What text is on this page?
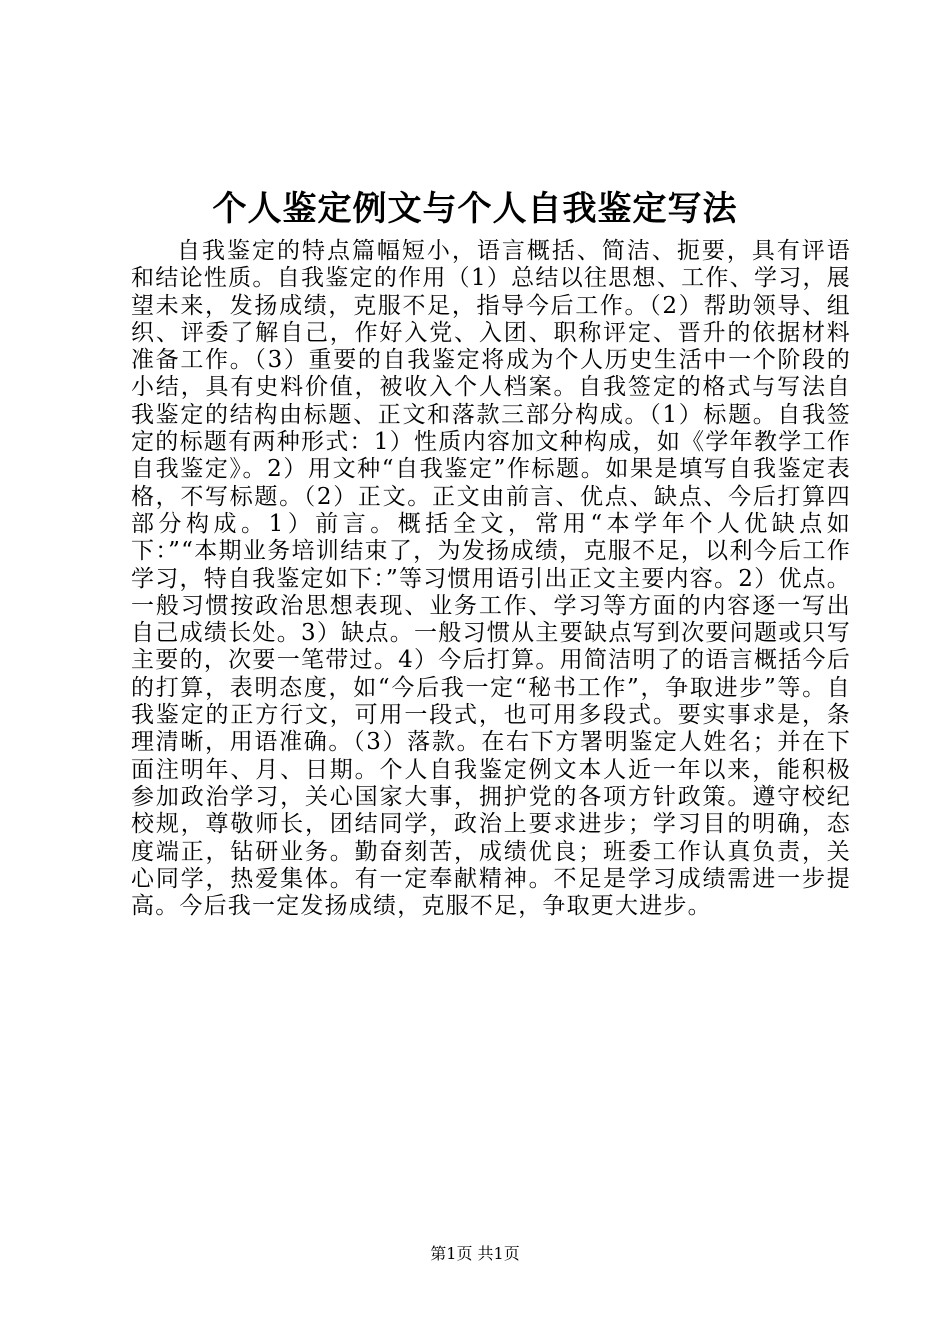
个人鉴定例文与个人自我鉴定写法

自我鉴定的特点篇幅短小，语言概括、简洁、扼要，具有评语和结论性质。自我鉴定的作用（1）总结以往思想、工作、学习，展望未来，发扬成绩，克服不足，指导今后工作。（2）帮助领导、组织、评委了解自己，作好入党、入团、职称评定、晋升的依据材料准备工作。（3）重要的自我鉴定将成为个人历史生活中一个阶段的小结，具有史料价值，被收入个人档案。自我签定的格式与写法自我鉴定的结构由标题、正文和落款三部分构成。（1）标题。自我签定的标题有两种形式：1）性质内容加文种构成，如《学年教学工作自我鉴定》。2）用文种“自我鉴定”作标题。如果是填写自我鉴定表格，不写标题。（2）正文。正文由前言、优点、缺点、今后打算四部分构成。1）前言。概括全文，常用“本学年个人优缺点如下：”“本期业务培训结束了，为发扬成绩，克服不足，以利今后工作学习，特自我鉴定如下：”等习惯用语引出正文主要内容。2）优点。一般习惯按政治思想表现、业务工作、学习等方面的内容逐一写出自己成绩长处。3）缺点。一般习惯从主要缺点写到次要问题或只写主要的，次要一笔带过。4）今后打算。用简洁明了的语言概括今后的打算，表明态度，如“今后我一定“秘书工作”，争取进步”等。自我鉴定的正方行文，可用一段式，也可用多段式。要实事求是，条理清晰，用语准确。（3）落款。在右下方署明鉴定人姓名；并在下面注明年、月、日期。个人自我鉴定例文本人近一年以来，能积极参加政治学习，关心国家大事，拥护党的各项方针政策。遵守校纪校规，尊敬师长，团结同学，政治上要求进步；学习目的明确，态度端正，钻研业务。勤奋刻苦，成绩优良；班委工作认真负责，关心同学，热爱集体。有一定奉献精神。不足是学习成绩需进一步提高。今后我一定发扬成绩，克服不足，争取更大进步。

第1页 共1页
